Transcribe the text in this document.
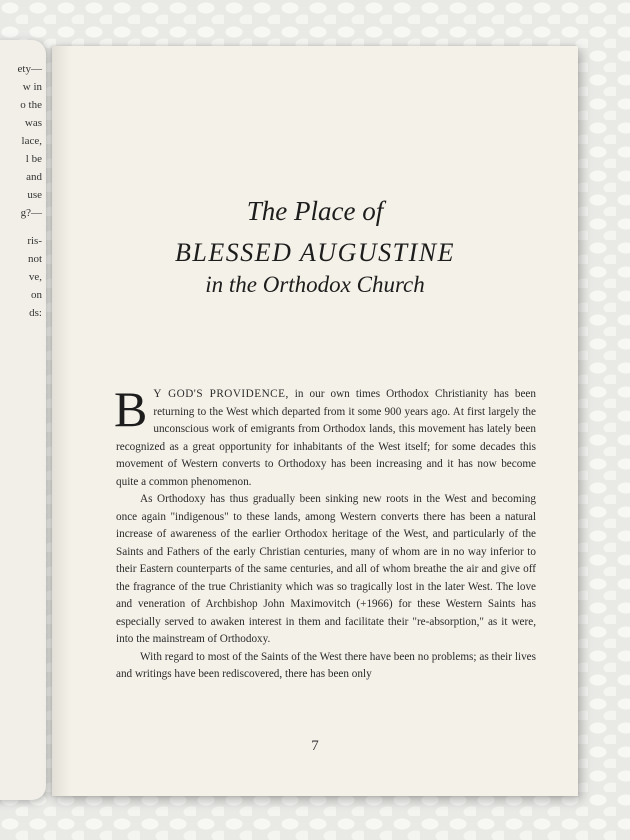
ety—
w in
o the
was
lace,
l be
and
use
g?—
ris-
not
ve,
on
ds:
The Place of
BLESSED AUGUSTINE
in the Orthodox Church

B Y GOD'S PROVIDENCE, in our own times Orthodox Christianity has been returning to the West which departed from it some 900 years ago. At first largely the unconscious work of emigrants from Orthodox lands, this movement has lately been recognized as a great opportunity for inhabitants of the West itself; for some decades this movement of Western converts to Orthodoxy has been increasing and it has now become quite a common phenomenon.

As Orthodoxy has thus gradually been sinking new roots in the West and becoming once again "indigenous" to these lands, among Western converts there has been a natural increase of awareness of the earlier Orthodox heritage of the West, and particularly of the Saints and Fathers of the early Christian centuries, many of whom are in no way inferior to their Eastern counterparts of the same centuries, and all of whom breathe the air and give off the fragrance of the true Christianity which was so tragically lost in the later West. The love and veneration of Archbishop John Maximovitch (+1966) for these Western Saints has especially served to awaken interest in them and facilitate their "re-absorption," as it were, into the mainstream of Orthodoxy.

With regard to most of the Saints of the West there have been no problems; as their lives and writings have been rediscovered, there has been only

7
